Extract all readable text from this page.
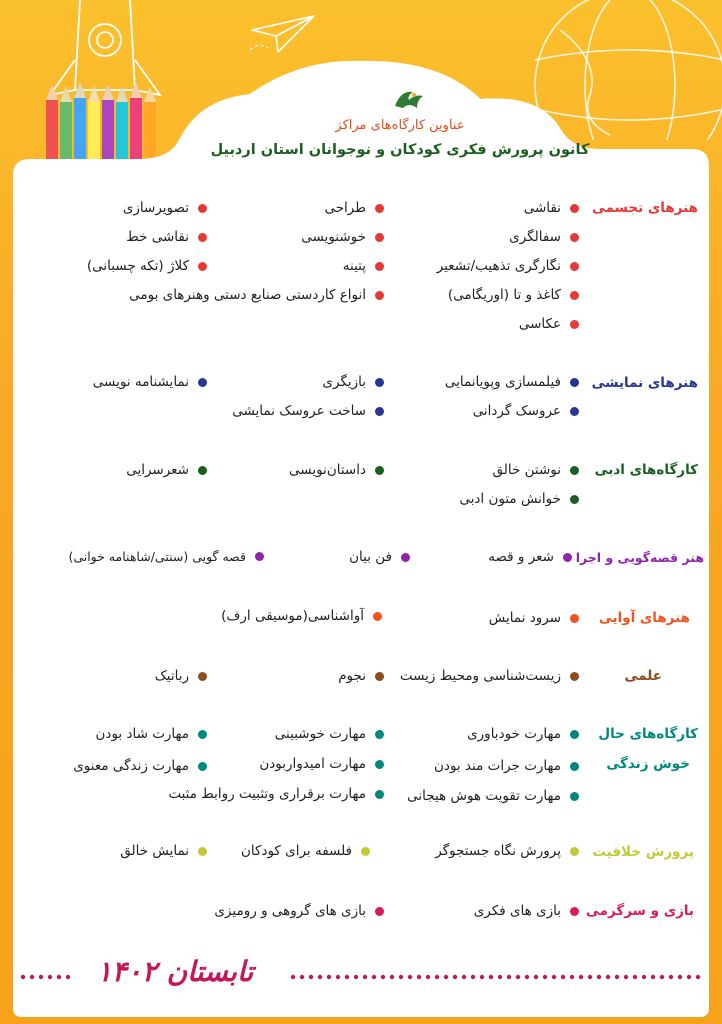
عناوین کارگاه‌های مراکز
کانون پرورش فکری کودکان و نوجوانان استان اردبیل
هنرهای تجسمی
نقاشی
سفالگری
نگارگری تذهیب/تشعیر
کاغذ و تا (اوریگامی)
عکاسی
طراحی
خوشنویسی
پتینه
انواع کاردستی صنایع دستی وهنرهای بومی
تصویرسازی
نقاشی خط
کلاژ (تکه چسبانی)
هنرهای نمایشی
فیلمسازی وپویانمایی
عروسک گردانی
بازیگری
ساخت عروسک نمایشی
نمایشنامه نویسی
کارگاه‌های ادبی
نوشتن خالق
خوانش متون ادبی
داستان‌نویسی
شعرسرایی
هنر قصه‌گویی و اجرا
شعر و قصه
فن بیان
قصه گویی (سنتی/شاهنامه خوانی)
هنرهای آوایی
سرود نمایش
آواشناسی(موسیقی ارف)
علمی
زیست‌شناسی ومحیط زیست
نجوم
رباتیک
کارگاه‌های حال
خوش زندگی
مهارت خودباوری
مهارت جرات مند بودن
مهارت تقویت هوش هیجانی
مهارت خوشبینی
مهارت امیدواربودن
مهارت برقراری وتثبیت روابط مثبت
مهارت شاد بودن
مهارت زندگی معنوی
پرورش خلاقیت
پرورش نگاه جستجوگر
فلسفه برای کودکان
نمایش خالق
بازی و سرگرمی
بازی های فکری
بازی های گروهی و رومیزی
تابستان ۱۴۰۲
